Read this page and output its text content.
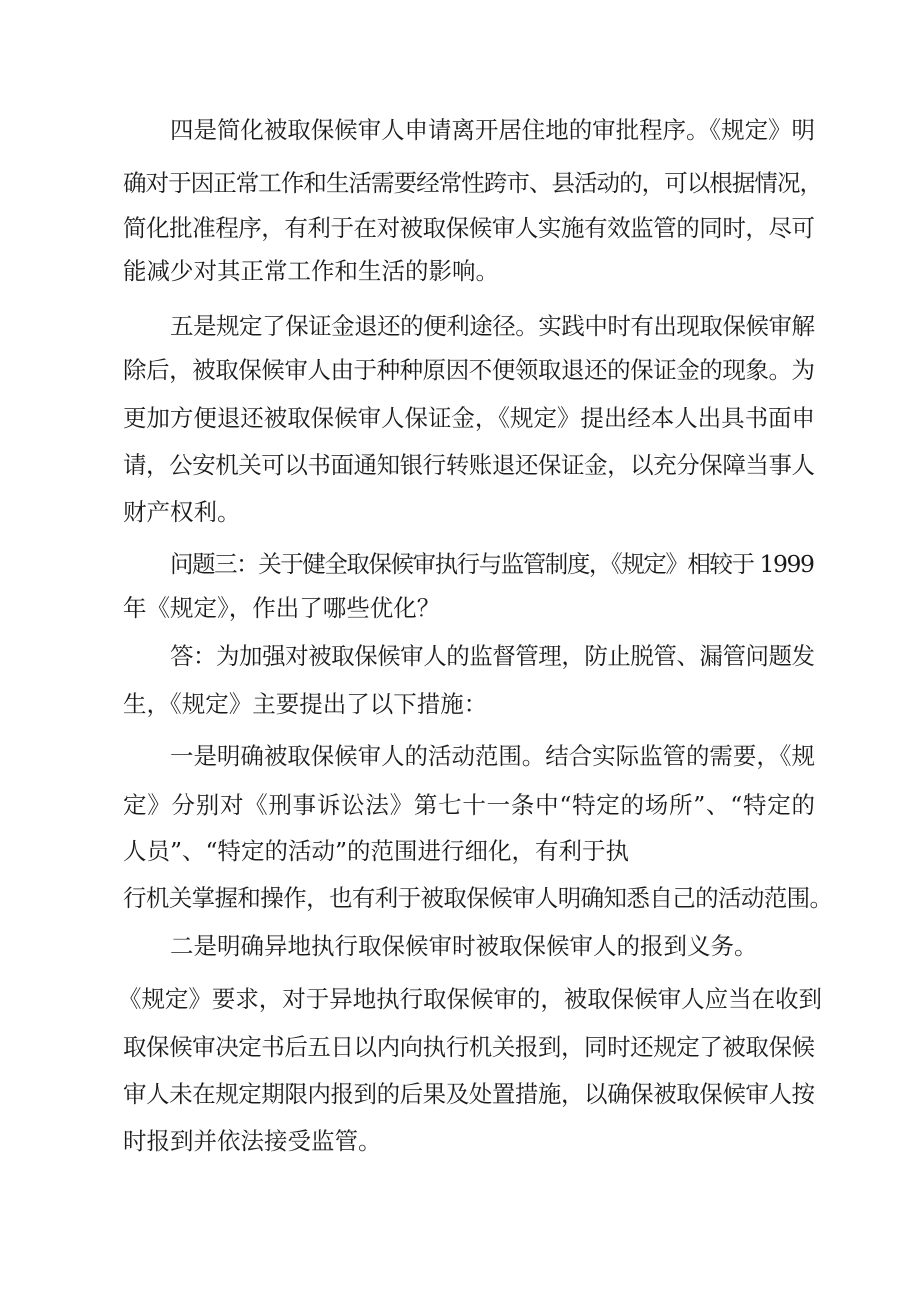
四是简化被取保候审人申请离开居住地的审批程序。《规定》明
确对于因正常工作和生活需要经常性跨市、县活动的，可以根据情况，
简化批准程序，有利于在对被取保候审人实施有效监管的同时，尽可
能减少对其正常工作和生活的影响。
五是规定了保证金退还的便利途径。实践中时有出现取保候审解
除后，被取保候审人由于种种原因不便领取退还的保证金的现象。为
更加方便退还被取保候审人保证金，《规定》提出经本人出具书面申
请，公安机关可以书面通知银行转账退还保证金，以充分保障当事人
财产权利。
问题三：关于健全取保候审执行与监管制度，《规定》相较于 1999
年《规定》，作出了哪些优化？
答：为加强对被取保候审人的监督管理，防止脱管、漏管问题发
生，《规定》主要提出了以下措施：
一是明确被取保候审人的活动范围。结合实际监管的需要，《规
定》分别对《刑事诉讼法》第七十一条中“特定的场所”、“特定的
人员”、“特定的活动”的范围进行细化，有利于执
行机关掌握和操作，也有利于被取保候审人明确知悉自己的活动范围。
二是明确异地执行取保候审时被取保候审人的报到义务。
《规定》要求，对于异地执行取保候审的，被取保候审人应当在收到
取保候审决定书后五日以内向执行机关报到，同时还规定了被取保候
审人未在规定期限内报到的后果及处置措施，以确保被取保候审人按
时报到并依法接受监管。
